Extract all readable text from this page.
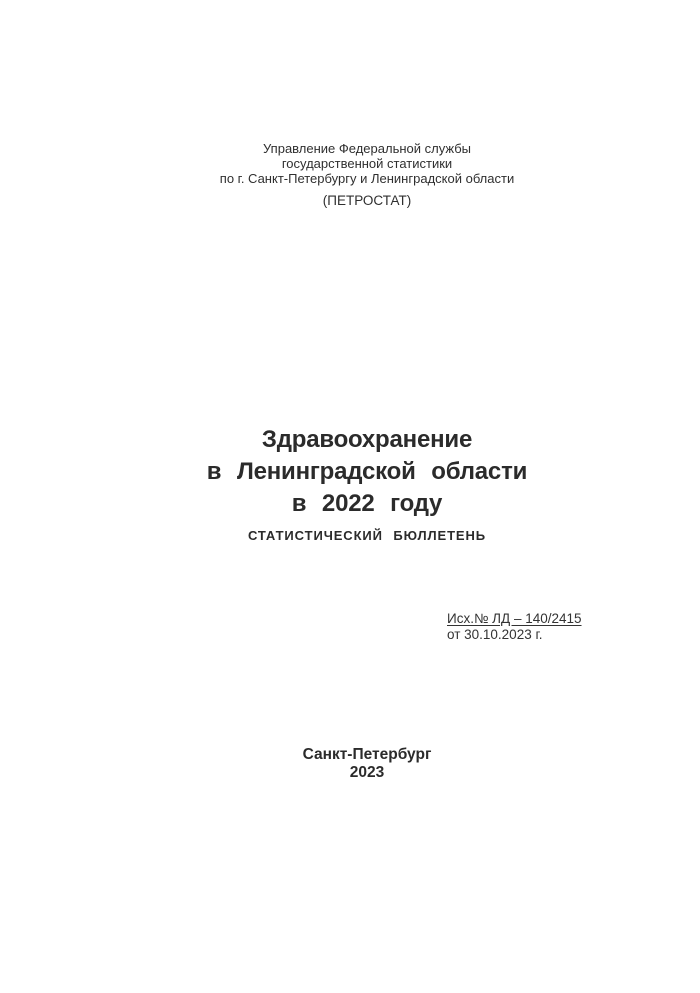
Управление Федеральной службы
государственной статистики
по г. Санкт-Петербургу и Ленинградской области
(ПЕТРОСТАТ)
Здравоохранение
в Ленинградской области
в 2022 году
СТАТИСТИЧЕСКИЙ БЮЛЛЕТЕНЬ
Исх.№ ЛД – 140/2415
от 30.10.2023 г.
Санкт-Петербург
2023
